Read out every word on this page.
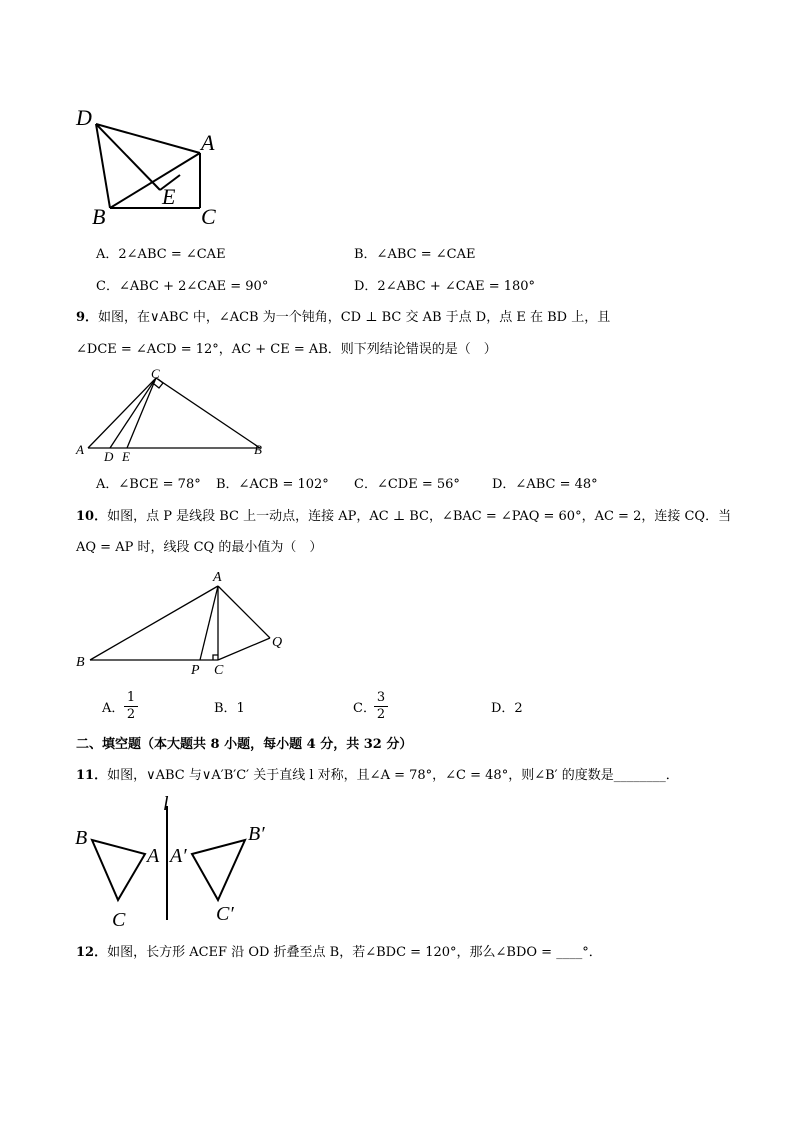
D
A
E
B	C
A．2∠ABC = ∠CAE	B．∠ABC = ∠CAE
C．∠ABC + 2∠CAE = 90°	D．2∠ABC + ∠CAE = 180°
9．如图，在∨ABC 中，∠ACB 为一个钝角，CD ⊥ BC 交 AB 于点 D，点 E 在 BD 上，且
∠DCE = ∠ACD = 12°，AC + CE = AB．则下列结论错误的是（　）
C
A D E	B
A．∠BCE = 78° B．∠ACB = 102° C．∠CDE = 56° D．∠ABC = 48°
10．如图，点 P 是线段 BC 上一动点，连接 AP，AC ⊥ BC，∠BAC = ∠PAQ = 60°，AC = 2，连接 CQ．当
AQ = AP 时，线段 CQ 的最小值为（　）
A
B
P C
Q
A．
1
2	B．1	C．
3
2	D．2
二、填空题（本大题共 8 小题，每小题 4 分，共 32 分）
11．如图，∨ABC 与∨A′B′C′ 关于直线 l 对称，且∠A = 78°，∠C = 48°，则∠B′ 的度数是________．
l
B
A A′
B′
C	C′
12．如图，长方形 ACEF 沿 OD 折叠至点 B，若∠BDC = 120°，那么∠BDO = ____°．
